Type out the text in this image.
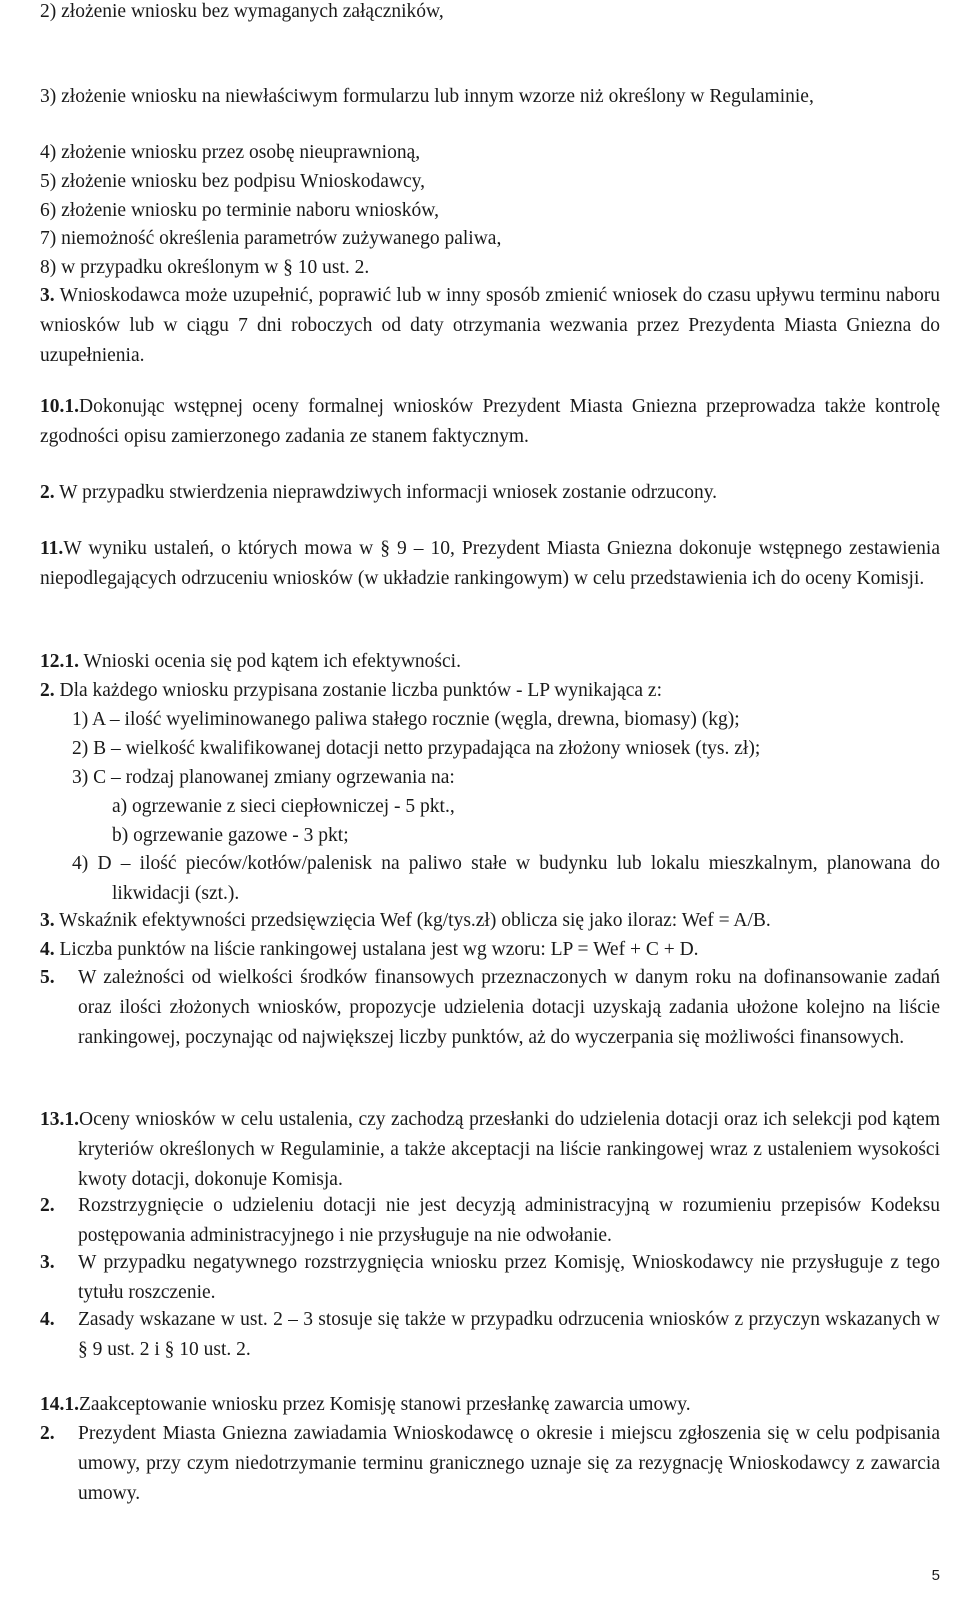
2) złożenie wniosku bez wymaganych załączników,

3) złożenie wniosku na niewłaściwym formularzu lub innym wzorze niż określony w Regulaminie,

4) złożenie wniosku przez osobę nieuprawnioną,

5) złożenie wniosku bez podpisu Wnioskodawcy,

6) złożenie wniosku po terminie naboru wniosków,

7) niemożność określenia parametrów zużywanego paliwa,

8) w przypadku określonym w § 10 ust. 2.

3. Wnioskodawca może uzupełnić, poprawić lub w inny sposób zmienić wniosek do czasu upływu terminu naboru wniosków lub w ciągu 7 dni roboczych od daty otrzymania wezwania przez Prezydenta Miasta Gniezna do uzupełnienia.

10.1.Dokonując wstępnej oceny formalnej wniosków Prezydent Miasta Gniezna przeprowadza także kontrolę zgodności opisu zamierzonego zadania ze stanem faktycznym.

2. W przypadku stwierdzenia nieprawdziwych informacji wniosek zostanie odrzucony.

11.W wyniku ustaleń, o których mowa w § 9 – 10, Prezydent Miasta Gniezna dokonuje wstępnego zestawienia niepodlegających odrzuceniu wniosków (w układzie rankingowym) w celu przedstawienia ich do oceny Komisji.

12.1. Wnioski ocenia się pod kątem ich efektywności.

2. Dla każdego wniosku przypisana zostanie liczba punktów - LP wynikająca z:

1) A – ilość wyeliminowanego paliwa stałego rocznie (węgla, drewna, biomasy) (kg);

2) B – wielkość kwalifikowanej dotacji netto przypadająca na złożony wniosek (tys. zł);

3) C – rodzaj planowanej zmiany ogrzewania na:

a) ogrzewanie z sieci ciepłowniczej - 5 pkt.,

b) ogrzewanie gazowe - 3 pkt;

4) D – ilość pieców/kotłów/palenisk na paliwo stałe w budynku lub lokalu mieszkalnym, planowana do likwidacji (szt.).

3. Wskaźnik efektywności przedsięwzięcia Wef (kg/tys.zł) oblicza się jako iloraz: Wef = A/B.

4. Liczba punktów na liście rankingowej ustalana jest wg wzoru: LP = Wef + C + D.

5. W zależności od wielkości środków finansowych przeznaczonych w danym roku na dofinansowanie zadań oraz ilości złożonych wniosków, propozycje udzielenia dotacji uzyskają zadania ułożone kolejno na liście rankingowej, poczynając od największej liczby punktów, aż do wyczerpania się możliwości finansowych.

13.1.Oceny wniosków w celu ustalenia, czy zachodzą przesłanki do udzielenia dotacji oraz ich selekcji pod kątem kryteriów określonych w Regulaminie, a także akceptacji na liście rankingowej wraz z ustaleniem wysokości kwoty dotacji, dokonuje Komisja.

2. Rozstrzygnięcie o udzieleniu dotacji nie jest decyzją administracyjną w rozumieniu przepisów Kodeksu postępowania administracyjnego i nie przysługuje na nie odwołanie.

3. W przypadku negatywnego rozstrzygnięcia wniosku przez Komisję, Wnioskodawcy nie przysługuje z tego tytułu roszczenie.

4. Zasady wskazane w ust. 2 – 3 stosuje się także w przypadku odrzucenia wniosków z przyczyn wskazanych w § 9 ust. 2 i § 10 ust. 2.

14.1.Zaakceptowanie wniosku przez Komisję stanowi przesłankę zawarcia umowy.

2. Prezydent Miasta Gniezna zawiadamia Wnioskodawcę o okresie i miejscu zgłoszenia się w celu podpisania umowy, przy czym niedotrzymanie terminu granicznego uznaje się za rezygnację Wnioskodawcy z zawarcia umowy.

5
